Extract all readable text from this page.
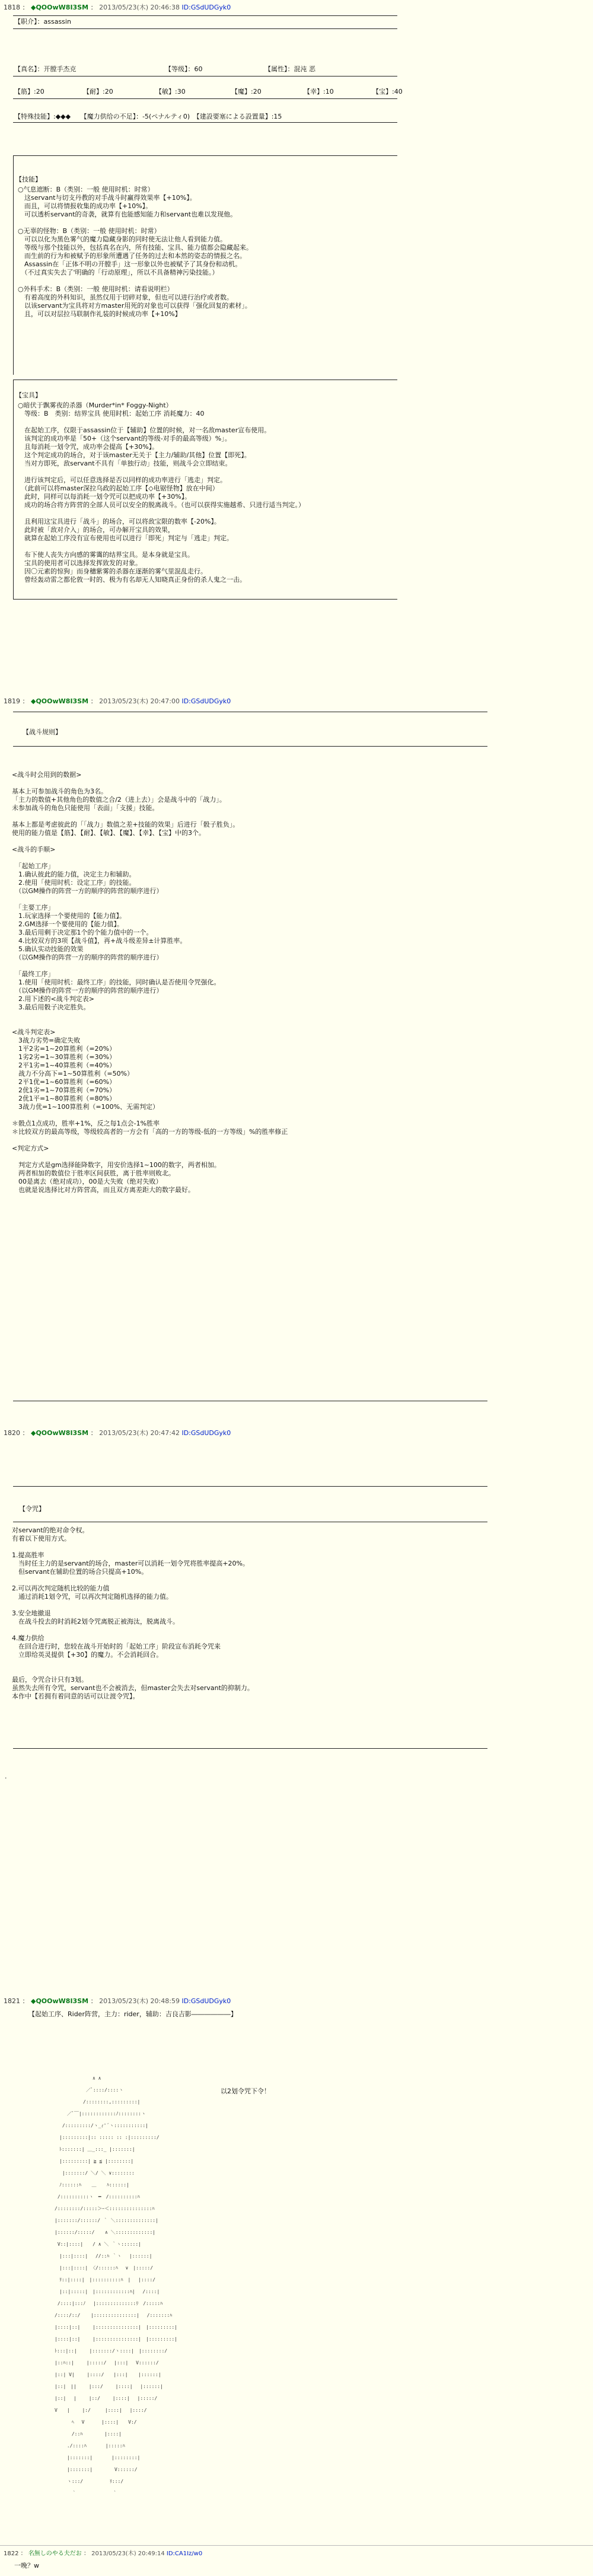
1818 ： ◆QOOwW8I3SM ： 2013/05/23(木) 20:46:38 ID:GSdUDGyk0
【职介】：assassin
【真名】：开膛手杰克	【等级】：60	【属性】：混沌 恶
【筋】:20	【耐】:20	【敏】:30	【魔】:20	【幸】:10	【宝】:40
【特殊技能】:◆◆◆　　【魔力供给の不足】：-5(ペナルティ0)　【建設要塞による設置量】:15
【技能】
○气息遮断：B（类别：一般 使用时机：时常）
　这servant与切支丹教的对手战斗时赢得效果率【+10%】。
　而且，可以将情报收集的成功率【+10%】。
　可以透析servant的奇袭，就算有也能感知能力和servant也难以发现他。
○无辜的怪物：B（类别：一般 使用时机：时常）
　可以以化为黑色雾气的魔力隐藏身影的同时使无法让他人看到能力值。
　等级与那个技能以外，包括真名在内，所有技能、宝具、能力值都会隐藏起来。
　而生前的行为和被赋予的形象所遭遇了任务的过去和本然的姿态的情报之名。
　Assassin在「正体不明の开膛手」这一形象以外也被赋予了其身份和动机。
　（不过真实失去了'明确的「行动原理」，所以不具备精神污染技能。）
○外科手术：B（类别：一般 使用时机：请看说明栏）
　有着高度的外科知识，虽然仅用于切碎对象，但也可以进行治疗或者数。
　以该servant为宝具将对方master用死的对象也可以获得「强化回复的素材」。
　且，可以对层拉马联制作礼装的时候成功率【+10%】
【宝具】
○暗伏于飘雾夜的杀器（Murder*in* Foggy-Night）
　等级：B　类别：结界宝具 使用时机：起始工序 消耗魔力：40
　在起始工序，仅限于assassin位于【辅助】位置的时候，对一名敌master宣布使用。
　该判定的成功率是「50+（这个servant的等级-对手的最高等级）%」。
　且每消耗一划令咒，成功率会提高【+30%】。
　这个判定成功的场合，对于该master无关于【主力/辅助/其他】位置【即死】。
　当对方即死，敌servant不具有「单独行动」技能，则战斗会立即结束。
　进行该判定后，可以任意选择是否以同样的成功率进行「逃走」判定。
　（此前可以将master深拉乌政的起始工序【◇电锯怪物】放在中间）
　此时，同样可以每消耗一划令咒可以把成功率【+30%】。
　成功的场合将方阵营的全部人员可以安全的脱离战斗。（也可以获得实施越希、只进行适当判定。）
　且利用这宝具进行「战斗」的场合，可以将敌宝限的数率【-20%】。
　此时被「敌对介入」的场合，可办解开宝具的效果，
　就算在起始工序没有宣布使用也可以进行「即死」判定与「逃走」判定。
　布下使人丧失方向感的雾霭的结界宝具。是本身就是宝具。
　宝具的使用者可以选择发挥致发的对象。
　因〇元素的惊狗」而身穗紫雾的杀器在逐渐的雾气里混乱走行。
　曾经轰动雷之都伦敦一时的、极为有名却无人知晓真正身份的杀人鬼之一击。
1819 ： ◆QOOwW8I3SM ： 2013/05/23(木) 20:47:00 ID:GSdUDGyk0
【战斗规则】
<战斗时会用到的数据>
基本上可参加战斗的角色为3名。
「主力的数值+其他角色的数值之合/2（进上去）」会是战斗中的「战力」。
未参加战斗的角色只能使用「表面」「支援」技能。
基本上都是考虑彼此的「「战力」数值之差+技能的效果」后进行「骰子胜负」。
使用的能力值是【筋】、【耐】、【敏】、【魔】、【幸】、【宝】中的3个。
<战斗的手顺>
　「起始工序」
　1.确认彼此的能力值，决定主力和辅助。
　2.使用「使用时机：设定工序」的技能。
　（以GM操作的阵营一方的顺序的阵营的顺序进行）
　「主要工序」
　1.玩家选择一个要使用的【能力值】。
　2.GM选择一个要使用的【能力值】。
　3.最后用剩于决定那1个的个能力值中的一个。
　4.比较双方的3项【战斗值】，再+战斗级差异±计算胜率。
　5.确认实动技能的效果
　（以GM操作的阵营一方的顺序的阵营的顺序进行）
　「最终工序」
　1.使用「使用时机：最终工序」的技能，同时确认是否使用令咒强化。
　（以GM操作的阵营一方的顺序的阵营的顺序进行）
　2.用下述的<战斗判定表>
　3.最后用骰子决定胜负。
<战斗判定表>
　3战力劣势=确定失败
　1平2劣=1~20算胜利（=20%）
　1劣2劣=1~30算胜利（=30%）
　2平1劣=1~40算胜利（=40%）
　战力不分高下=1~50算胜利（=50%）
　2平1优=1~60算胜利（=60%）
　2优1劣=1~70算胜利（=70%）
　2优1平=1~80算胜利（=80%）
　3战力优=1~100算胜利（=100%、无需判定）
＊骰点1点成功，胜率+1%，反之每1点会-1%胜率
＊比较双方的最高等级，等级较高者的一方会有「高的一方的等级-低的一方等级」%的胜率修正
<判定方式>
　判定方式是gm选择能降数字，用安价选择1~100的数字，两者相加。
　两者相加的数值位于胜率区间获胜，离于胜率则败北。
　00是离去（绝对成功），00是大失败（绝对失败）
　也就是说选择比对方阵营高，而且双方离差距大的数字最好。
1820 ： ◆QOOwW8I3SM ： 2013/05/23(木) 20:47:42 ID:GSdUDGyk0
【令咒】
对servant的绝对命令权。
有着以下使用方式。
1.提高胜率
　当时任主力的是servant的场合，master可以消耗一划令咒将胜率提高+20%。
　但servant在辅助位置的场合只提高+10%。
2.可以再次判定随机比较的能力值
　通过消耗1划令咒，可以再次判定随机选择的能力值。
3.安全地撤退
　在战斗投去的时消耗2划令咒离脱正被海汰，脱离战斗。
4.魔力供给
　在回合进行时，您较在战斗开始时的「起始工序」阶段宣布消耗令咒来
　立即给英灵提供【+30】的魔力。不会消耗回合。
最后，令咒合计只有3划。
虽然失去所有令咒，servant也不会被消去，但master会失去对servant的抑制力。
本作中【若拥有着同意的话可以让渡令咒】。
·
1821 ： ◆QOOwW8I3SM ： 2013/05/23(木) 20:48:59 ID:GSdUDGyk0
【起始工序、Rider阵营，主力：rider，辅助：吉良吉影――――――】
以2划令咒下令！
　　　　　　　　　∧ ∧
　　　　　　　 ／ﾞ::::/::::ヽ
　　　　　　　/::::::::,:::::::::|
　　　 ／ﾞ￣|::::::::::::ﾉ::::::::ヽ
　　 /:::::::::/ヽ_ｨ'´ヽ:::::::::::|
　　|:::::::::|:: ::::: :: :|:::::::::/
　　ﾄ:::::::| ＿_:::_ |:::::::|
　　|:::::::::| ≧ ≦ |::::::::|
　　 |:::::::/ ＼/ ＼ ∨::::::::
　　ﾉ::::::ﾊ 　 ＿ 　 ﾊ::::::|
　 /::::::::::ヽ　━　/::::::::::ﾊ
　/::::::::/:::::＞ｰ＜:::::::::::::::ﾊ
　|:::::::/::::::/ ｀ ＼::::::::::::::|
　|::::::/:::::/ 　 ∧ ＼:::::::::::::|
　 V::|::::|　　/ ∧ ＼ ｀ヽ::::::|
　　|:::|::::|　 //::ﾊ ｀ヽ　 |::::::|
　　|:::|::::| 〈/::::::ﾊ　 ∨　|:::::/
　　ﾘ::|::::|　|::::::::::ﾊ　|　 |::::/
　　|::|:::::|　|::::::::::::ﾊ|　 /::::|
　 /::::|:::ﾉ　 |::::::::::::::ﾘ　/:::::ﾊ
　/::::/::/ 　 |:::::::::::::::|　 /:::::::ﾊ
　|::::|::|　　 |:::::::::::::::|　|:::::::::|
　|::::|::|　　 |:::::::::::::::|　|:::::::::|
　ﾄ:::|::|　　 |:::::::/ヽ::::|　|::::::::/
　|::ﾊ::|　　 |:::::/　 |:::|　 V::::::/
　|::| V|　　 |::::/　　|:::| 　 |::::::|
　|::|　||　　 |:::/ 　　|::::|　 |::::::|
　|::| 　| 　　|::/　　 |::::|　 |:::::/
　V　　| 　　|:/　　　|::::|　 |::::/
　　　　 ﾍ　 V　　　 |::::|　　V:/
　　　　 /::ﾊ　　　　 |::::|
　　　 ./::::ﾊ　　　　|:::::ﾊ
　　　 |:::::::|　　　　|::::::::|
　　　 |:::::::|　　　　 V::::::/
　　　 ヽ:::/　　　　　 ﾘ:::/
　　　　 ｀　　　　　　　 ｀
1822 ： 名無しのやる夫だお ： 2013/05/23(木) 20:49:14 ID:CA1Iz/w0
一晚？w
